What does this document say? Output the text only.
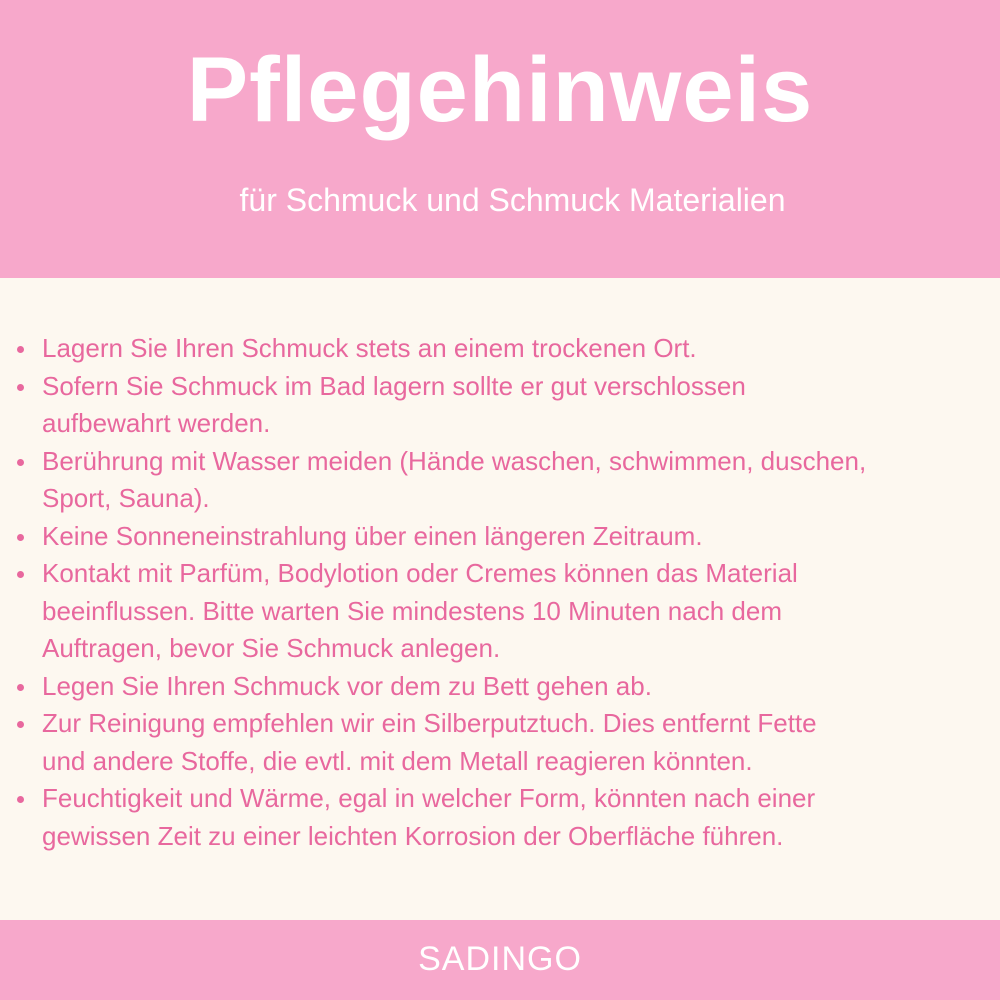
Pflegehinweis
für Schmuck und Schmuck Materialien
Lagern Sie Ihren Schmuck stets an einem trockenen Ort.
Sofern Sie Schmuck im Bad lagern sollte er gut verschlossen
aufbewahrt werden.
Berührung mit Wasser meiden (Hände waschen, schwimmen, duschen,
Sport, Sauna).
Keine Sonneneinstrahlung über einen längeren Zeitraum.
Kontakt mit Parfüm, Bodylotion oder Cremes können das Material
beeinflussen. Bitte warten Sie mindestens 10 Minuten nach dem
Auftragen, bevor Sie Schmuck anlegen.
Legen Sie Ihren Schmuck vor dem zu Bett gehen ab.
Zur Reinigung empfehlen wir ein Silberputztuch. Dies entfernt Fette
und andere Stoffe, die evtl. mit dem Metall reagieren könnten.
Feuchtigkeit und Wärme, egal in welcher Form, könnten nach einer
gewissen Zeit zu einer leichten Korrosion der Oberfläche führen.
SADINGO
